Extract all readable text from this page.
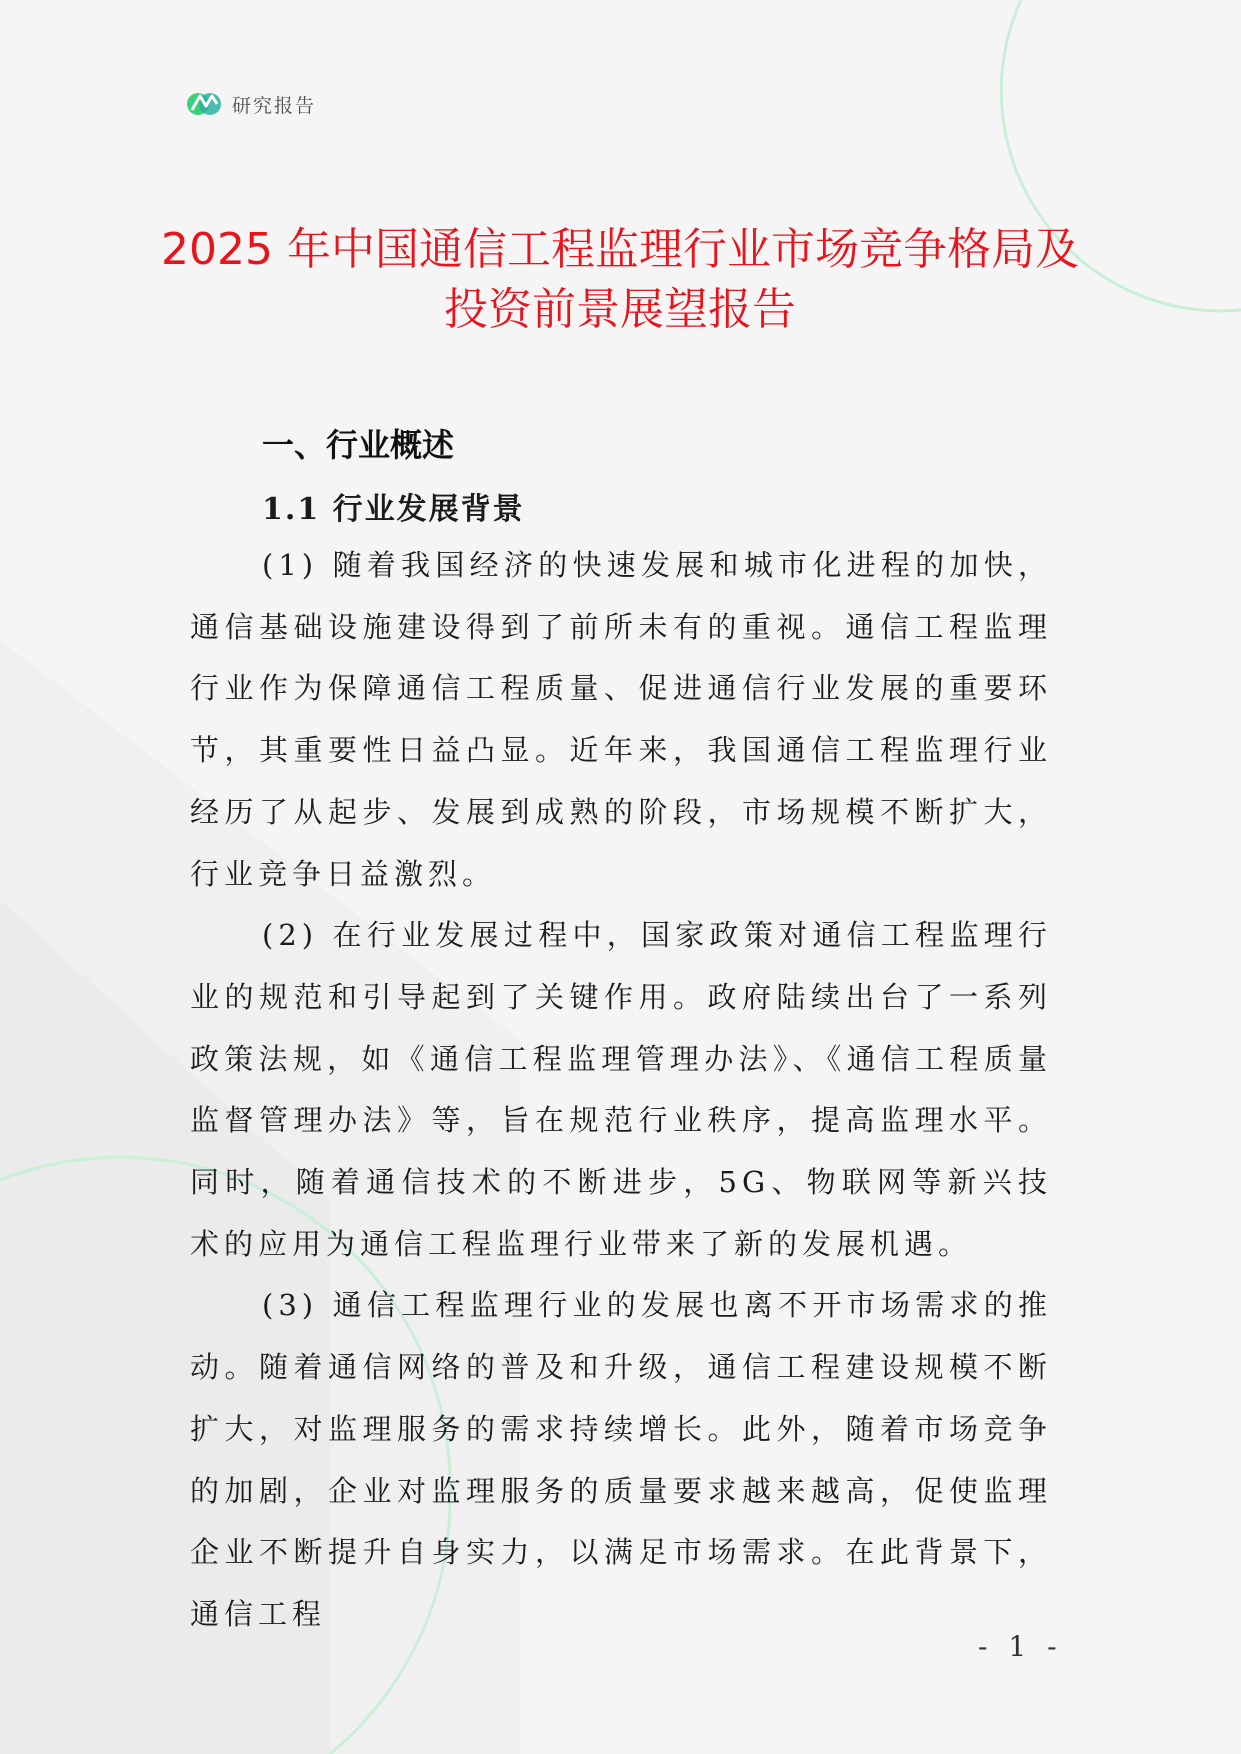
研究报告
2025 年中国通信工程监理行业市场竞争格局及投资前景展望报告
一、行业概述
1.1 行业发展背景

(1) 随着我国经济的快速发展和城市化进程的加快，通信基础设施建设得到了前所未有的重视。通信工程监理行业作为保障通信工程质量、促进通信行业发展的重要环节，其重要性日益凸显。近年来，我国通信工程监理行业经历了从起步、发展到成熟的阶段，市场规模不断扩大，行业竞争日益激烈。

(2) 在行业发展过程中，国家政策对通信工程监理行业的规范和引导起到了关键作用。政府陆续出台了一系列政策法规，如《通信工程监理管理办法》、《通信工程质量监督管理办法》等，旨在规范行业秩序，提高监理水平。同时，随着通信技术的不断进步，5G、物联网等新兴技术的应用为通信工程监理行业带来了新的发展机遇。

(3) 通信工程监理行业的发展也离不开市场需求的推动。随着通信网络的普及和升级，通信工程建设规模不断扩大，对监理服务的需求持续增长。此外，随着市场竞争的加剧，企业对监理服务的质量要求越来越高，促使监理企业不断提升自身实力，以满足市场需求。在此背景下，通信工程

- 1 -
